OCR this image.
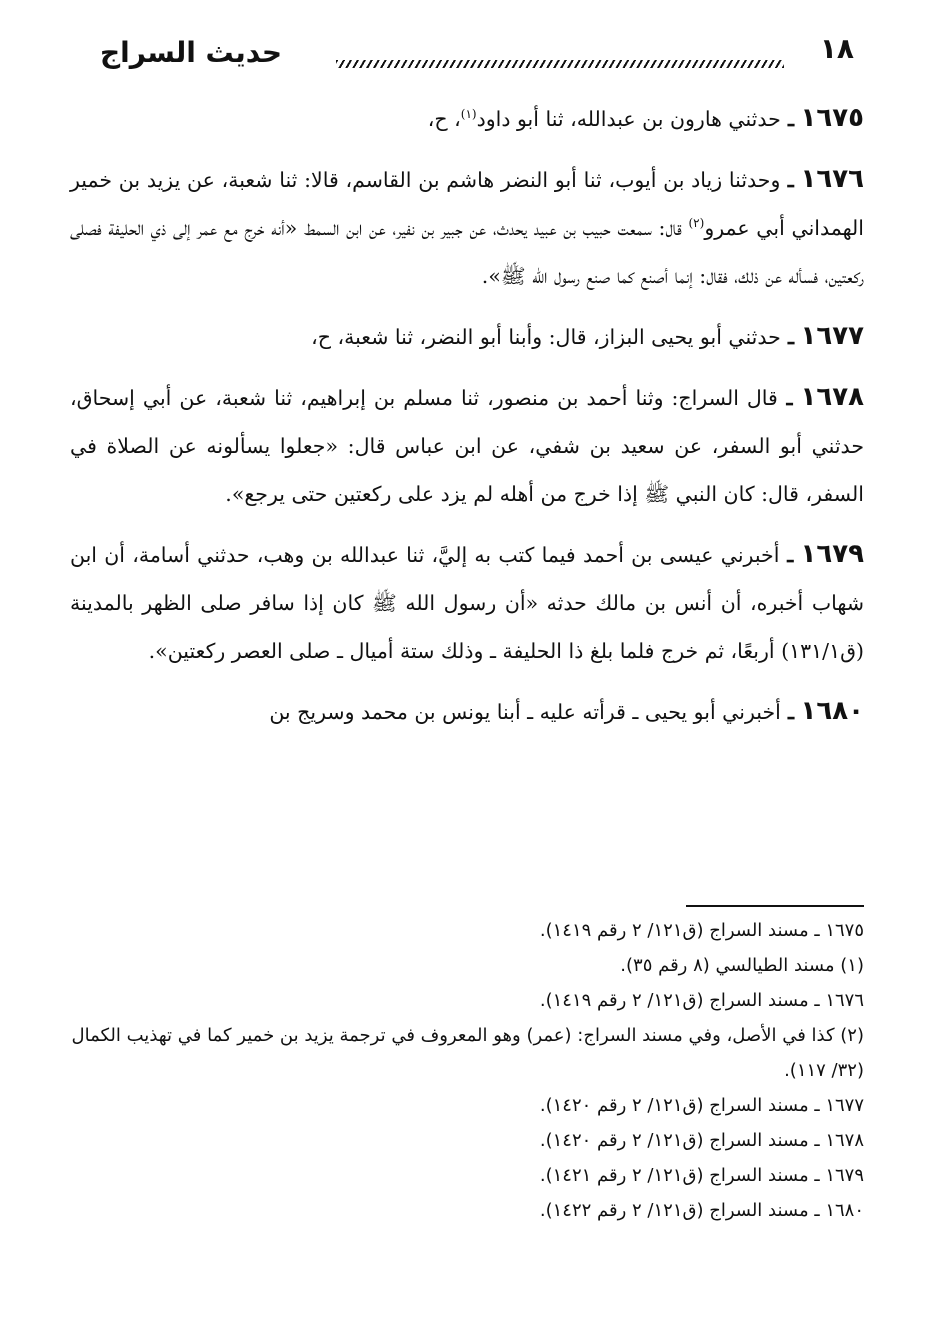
١٨
حديث السراج

١٦٧٥ ـ حدثني هارون بن عبدالله، ثنا أبو داود$^{(١)}$، ح،

١٦٧٦ ـ وحدثنا زياد بن أيوب، ثنا أبو النضر هاشم بن القاسم، قالا: ثنا شعبة، عن يزيد بن خمير الهمداني أبي عمرو$^{(٢)}$ قال: سمعت حبيب بن عبيد يحدث، عن جبير بن نفير، عن ابن السمط «أنه خرج مع عمر إلى ذي الحليفة فصلى ركعتين، فسأله عن ذلك، فقال: إنما أصنع كما صنع رسول الله ﷺ».

١٦٧٧ ـ حدثني أبو يحيى البزاز، قال: وأبنا أبو النضر، ثنا شعبة، ح،

١٦٧٨ ـ قال السراج: وثنا أحمد بن منصور، ثنا مسلم بن إبراهيم، ثنا شعبة، عن أبي إسحاق، حدثني أبو السفر، عن سعيد بن شفي، عن ابن عباس قال: «جعلوا يسألونه عن الصلاة في السفر، قال: كان النبي ﷺ إذا خرج من أهله لم يزد على ركعتين حتى يرجع».

١٦٧٩ ـ أخبرني عيسى بن أحمد فيما كتب به إليَّ، ثنا عبدالله بن وهب، حدثني أسامة، أن ابن شهاب أخبره، أن أنس بن مالك حدثه «أن رسول الله ﷺ كان إذا سافر صلى الظهر بالمدينة (ق١٣١/١) أربعًا، ثم خرج فلما بلغ ذا الحليفة ـ وذلك ستة أميال ـ صلى العصر ركعتين».

١٦٨٠ ـ أخبرني أبو يحيى ـ قرأته عليه ـ أبنا يونس بن محمد وسريج بن

١٦٧٥ ـ مسند السراج (ق١٢١/ ٢ رقم ١٤١٩).

(١) مسند الطيالسي (٨ رقم ٣٥).

١٦٧٦ ـ مسند السراج (ق١٢١/ ٢ رقم ١٤١٩).

(٢) كذا في الأصل، وفي مسند السراج: (عمر) وهو المعروف في ترجمة يزيد بن خمير كما في تهذيب الكمال (٣٢/ ١١٧).

١٦٧٧ ـ مسند السراج (ق١٢١/ ٢ رقم ١٤٢٠).

١٦٧٨ ـ مسند السراج (ق١٢١/ ٢ رقم ١٤٢٠).

١٦٧٩ ـ مسند السراج (ق١٢١/ ٢ رقم ١٤٢١).

١٦٨٠ ـ مسند السراج (ق١٢١/ ٢ رقم ١٤٢٢).
